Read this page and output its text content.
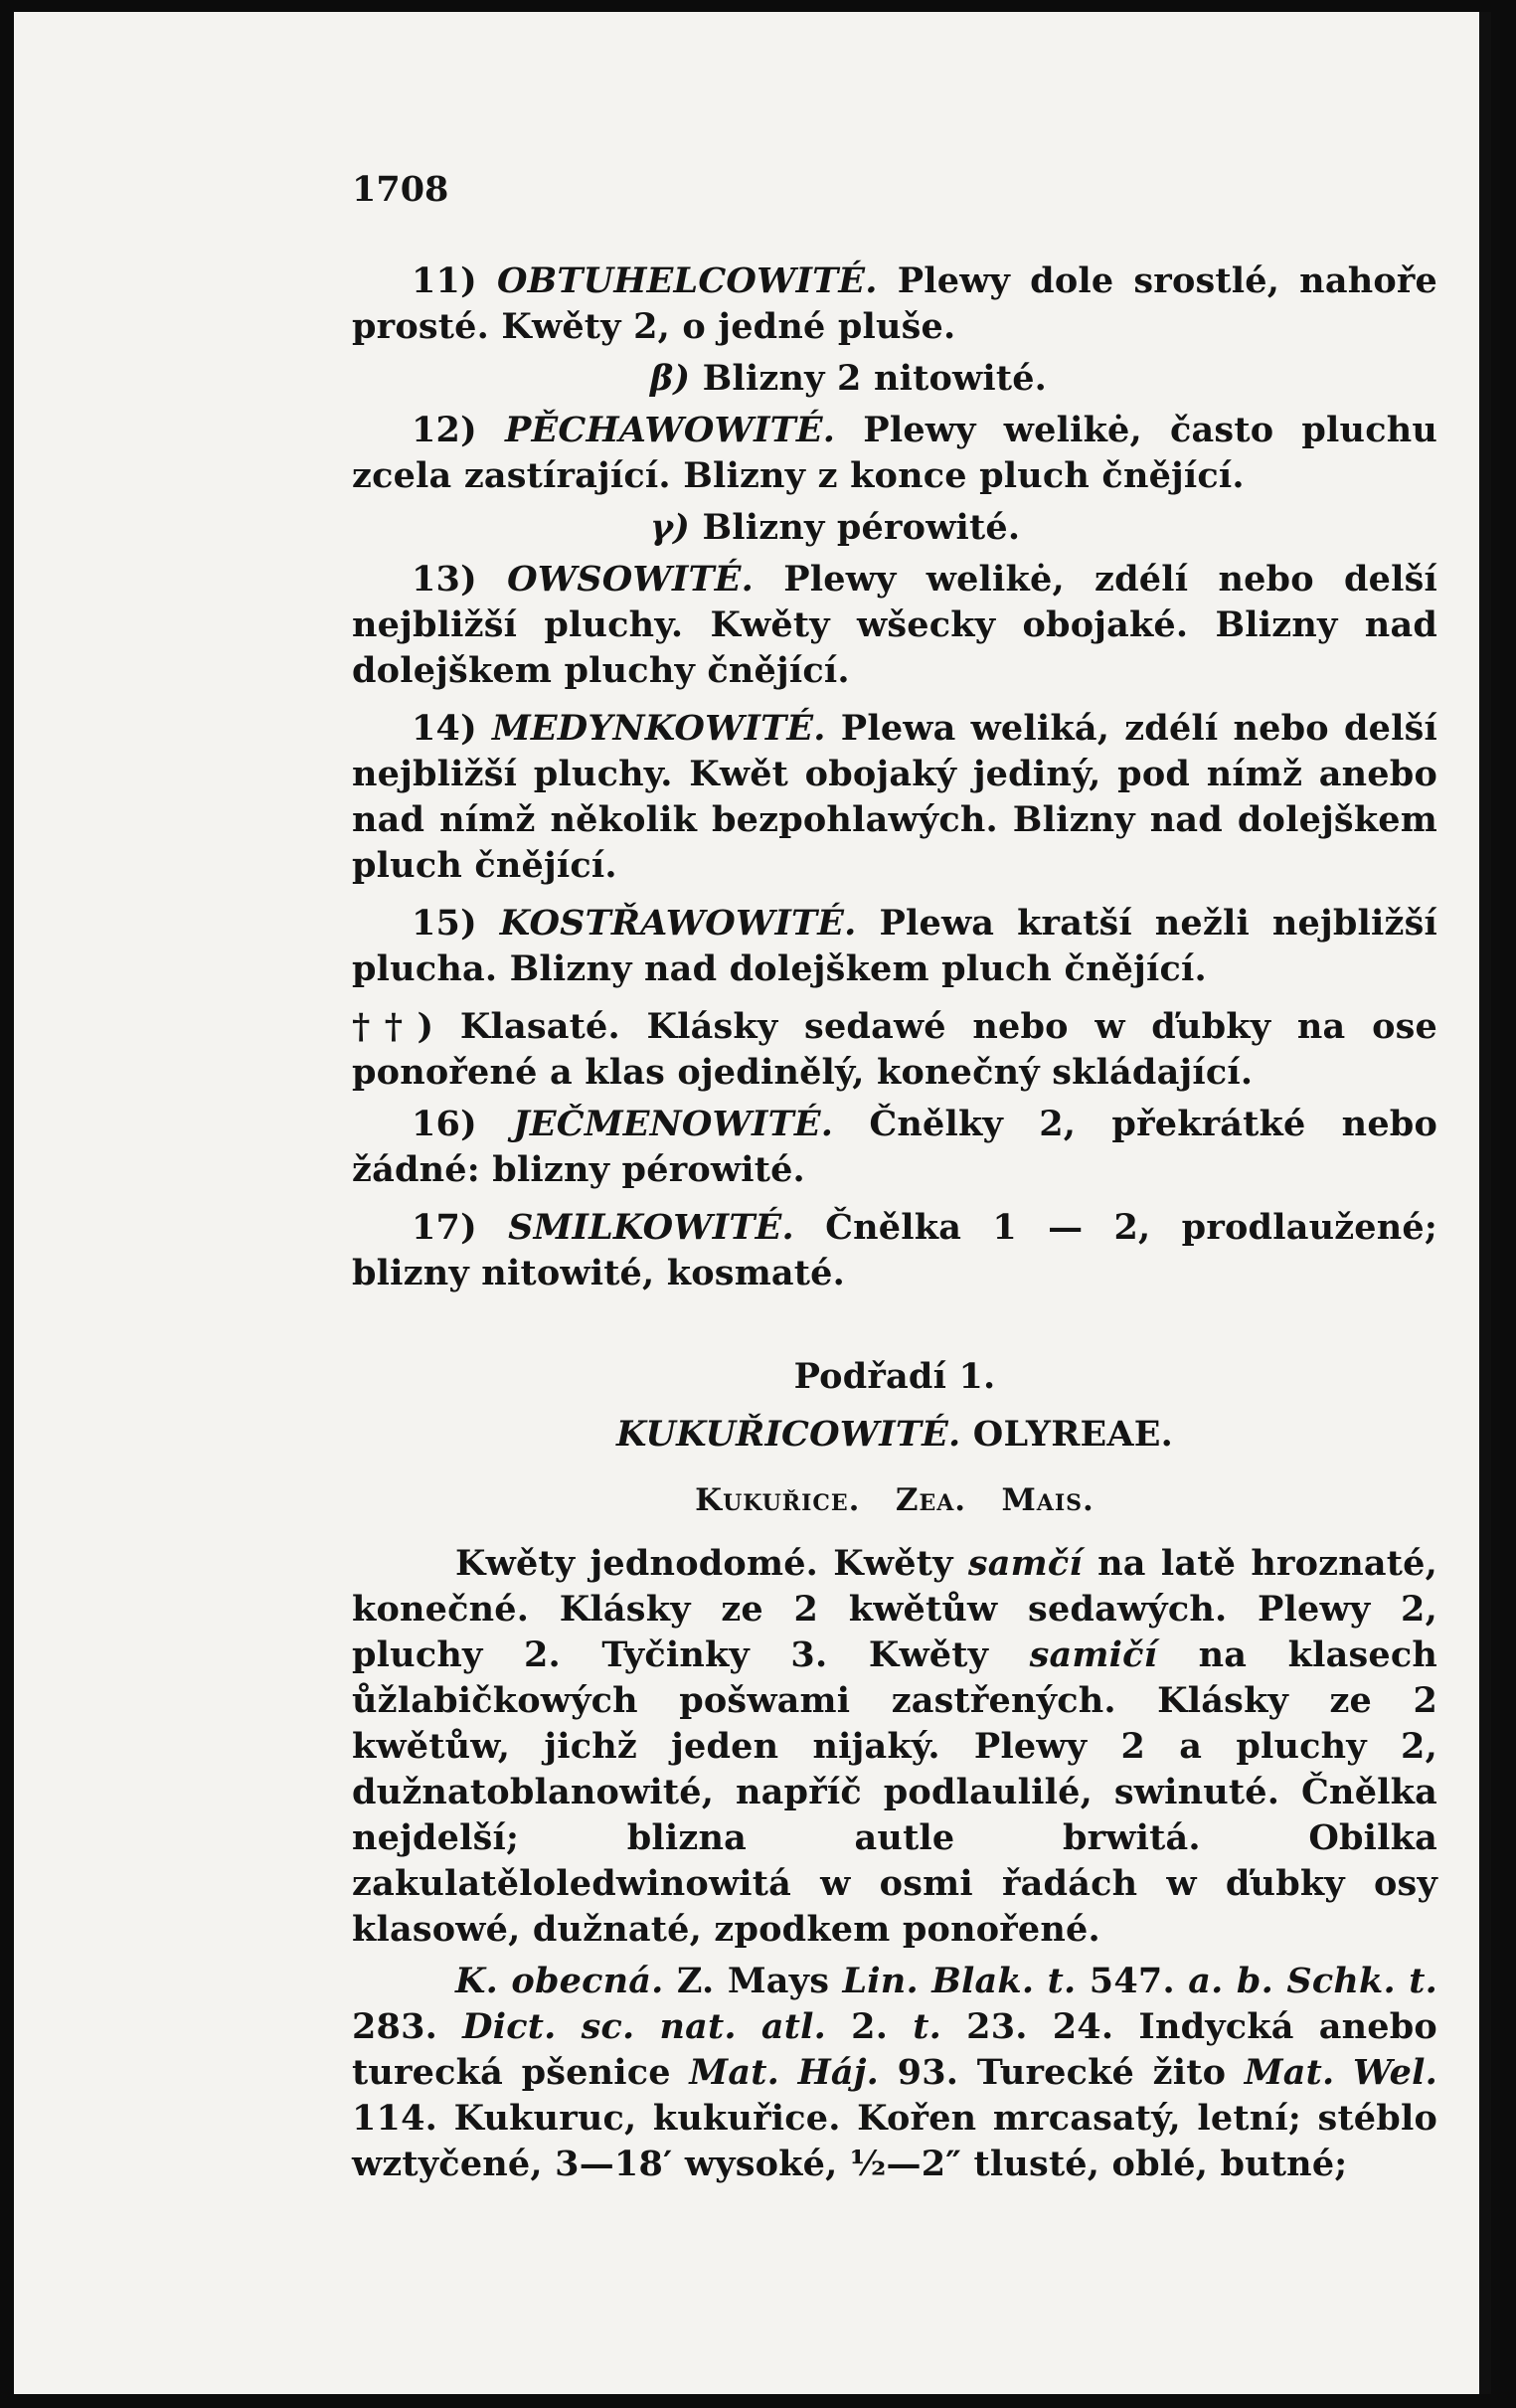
1708

11) OBTUHELCOWITÉ. Plewy dole srostlé, nahoře prosté. Kwěty 2, o jedné pluše.

β) Blizny 2 nitowité.

12) PĚCHAWOWITÉ. Plewy welikė, často pluchu zcela zastírající. Blizny z konce pluch čnějící.

γ) Blizny pérowité.

13) OWSOWITÉ. Plewy welikė, zdélí nebo delší nejbližší pluchy. Kwěty wšecky obojaké. Blizny nad dolejškem pluchy čnějící.

14) MEDYNKOWITÉ. Plewa weliká, zdélí nebo delší nejbližší pluchy. Kwět obojaký jediný, pod nímž anebo nad nímž několik bezpohlawých. Blizny nad dolejškem pluch čnějící.

15) KOSTŘAWOWITÉ. Plewa kratší nežli nejbližší plucha. Blizny nad dolejškem pluch čnějící.

††) Klasaté. Klásky sedawé nebo w ďubky na ose ponořené a klas ojedinělý, konečný skládající.

16) JEČMENOWITÉ. Čnělky 2, překrátké nebo žádné: blizny pérowité.

17) SMILKOWITÉ. Čnělka 1 — 2, prodlaužené; blizny nitowité, kosmaté.

Podřadí 1.

KUKUŘICOWITÉ. OLYREAE.

Kukuřice. Zea. Mais.

Kwěty jednodomé. Kwěty samčí na latě hroznaté, konečné. Klásky ze 2 kwětůw sedawých. Plewy 2, pluchy 2. Tyčinky 3. Kwěty samičí na klasech ůžlabičkowých pošwami zastřených. Klásky ze 2 kwětůw, jichž jeden nijaký. Plewy 2 a pluchy 2, dužnatoblanowité, napříč podlaulilé, swinuté. Čnělka nejdelší; blizna autle brwitá. Obilka zakulatěloledwinowitá w osmi řadách w ďubky osy klasowé, dužnaté, zpodkem ponořené.

K. obecná. Z. Mays Lin. Blak. t. 547. a. b. Schk. t. 283. Dict. sc. nat. atl. 2. t. 23. 24. Indycká anebo turecká pšenice Mat. Háj. 93. Turecké žito Mat. Wel. 114. Kukuruc, kukuřice. Kořen mrcasatý, letní; stéblo wztyčené, 3—18′ wysoké, ½—2″ tlusté, oblé, butné;
